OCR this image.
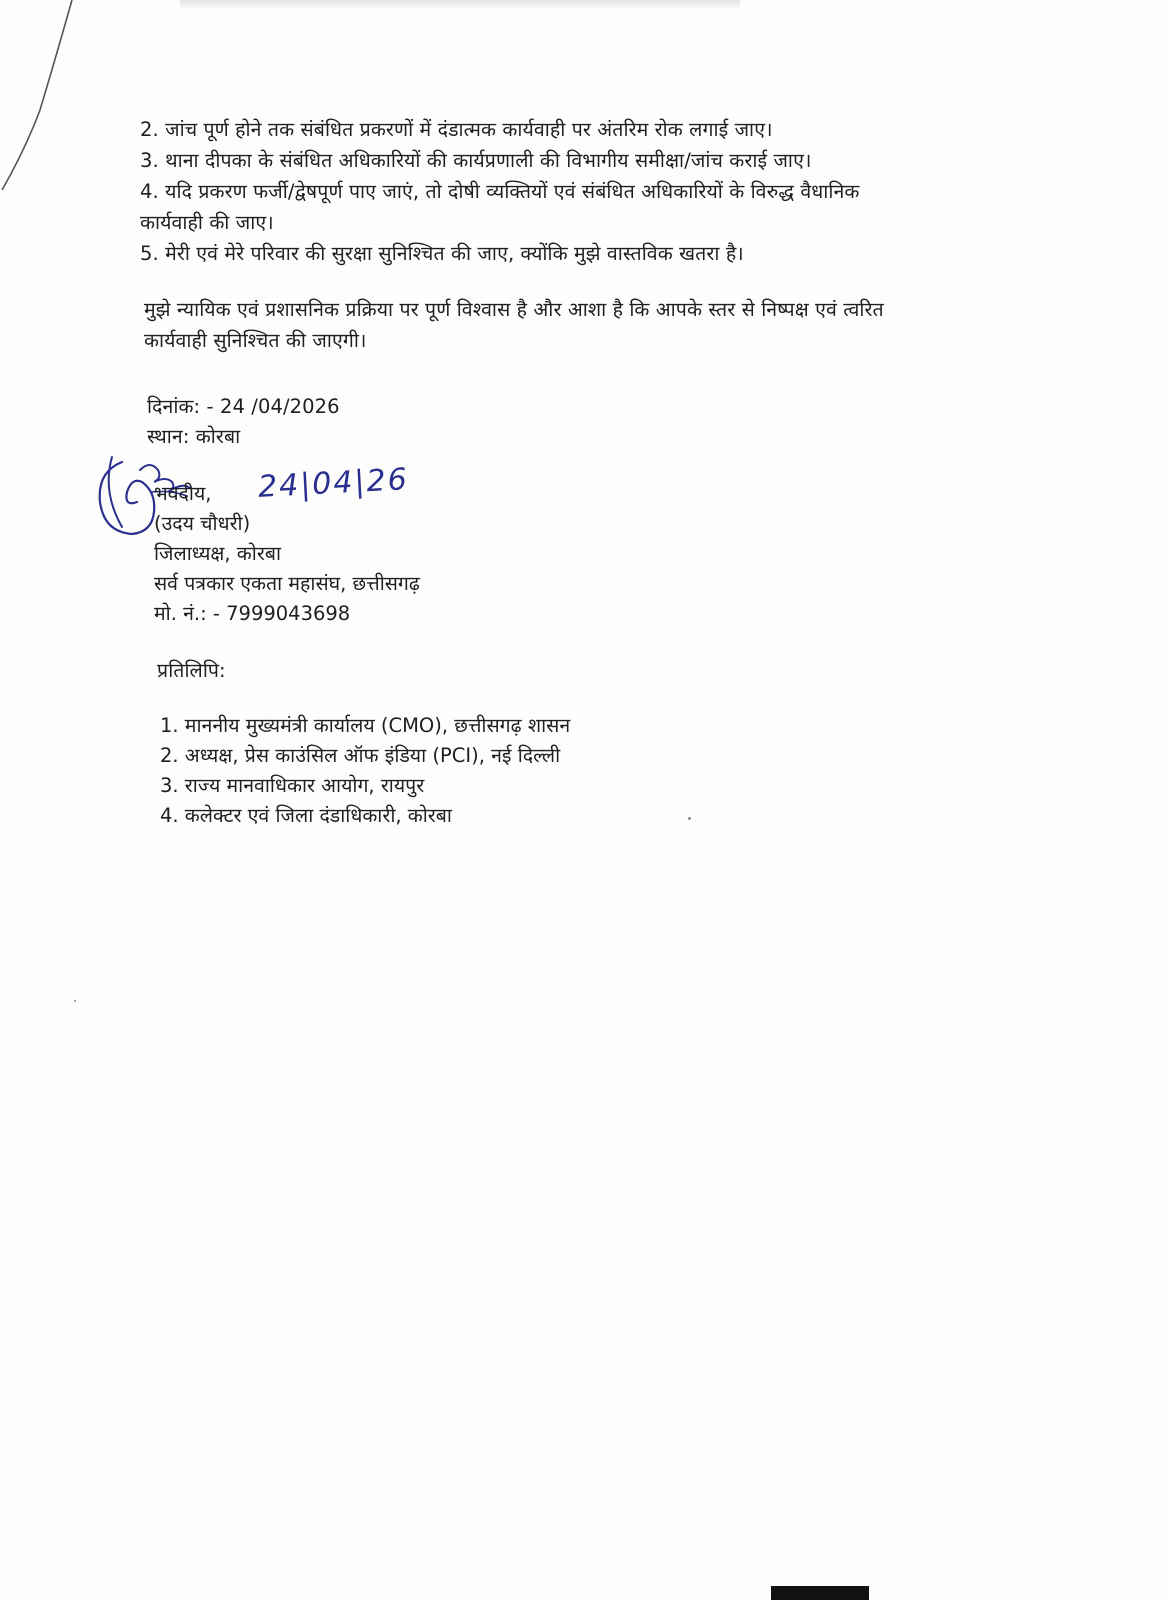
2. जांच पूर्ण होने तक संबंधित प्रकरणों में दंडात्मक कार्यवाही पर अंतरिम रोक लगाई जाए।
3. थाना दीपका के संबंधित अधिकारियों की कार्यप्रणाली की विभागीय समीक्षा/जांच कराई जाए।
4. यदि प्रकरण फर्जी/द्वेषपूर्ण पाए जाएं, तो दोषी व्यक्तियों एवं संबंधित अधिकारियों के विरुद्ध वैधानिक
कार्यवाही की जाए।
5. मेरी एवं मेरे परिवार की सुरक्षा सुनिश्चित की जाए, क्योंकि मुझे वास्तविक खतरा है।
मुझे न्यायिक एवं प्रशासनिक प्रक्रिया पर पूर्ण विश्वास है और आशा है कि आपके स्तर से निष्पक्ष एवं त्वरित
कार्यवाही सुनिश्चित की जाएगी।
दिनांक: - 24 /04/2026
स्थान: कोरबा
24|04|26
भवदीय,
(उदय चौधरी)
जिलाध्यक्ष, कोरबा
सर्व पत्रकार एकता महासंघ, छत्तीसगढ़
मो. नं.: - 7999043698
प्रतिलिपि:
1. माननीय मुख्यमंत्री कार्यालय (CMO), छत्तीसगढ़ शासन
2. अध्यक्ष, प्रेस काउंसिल ऑफ इंडिया (PCI), नई दिल्ली
3. राज्य मानवाधिकार आयोग, रायपुर
4. कलेक्टर एवं जिला दंडाधिकारी, कोरबा
